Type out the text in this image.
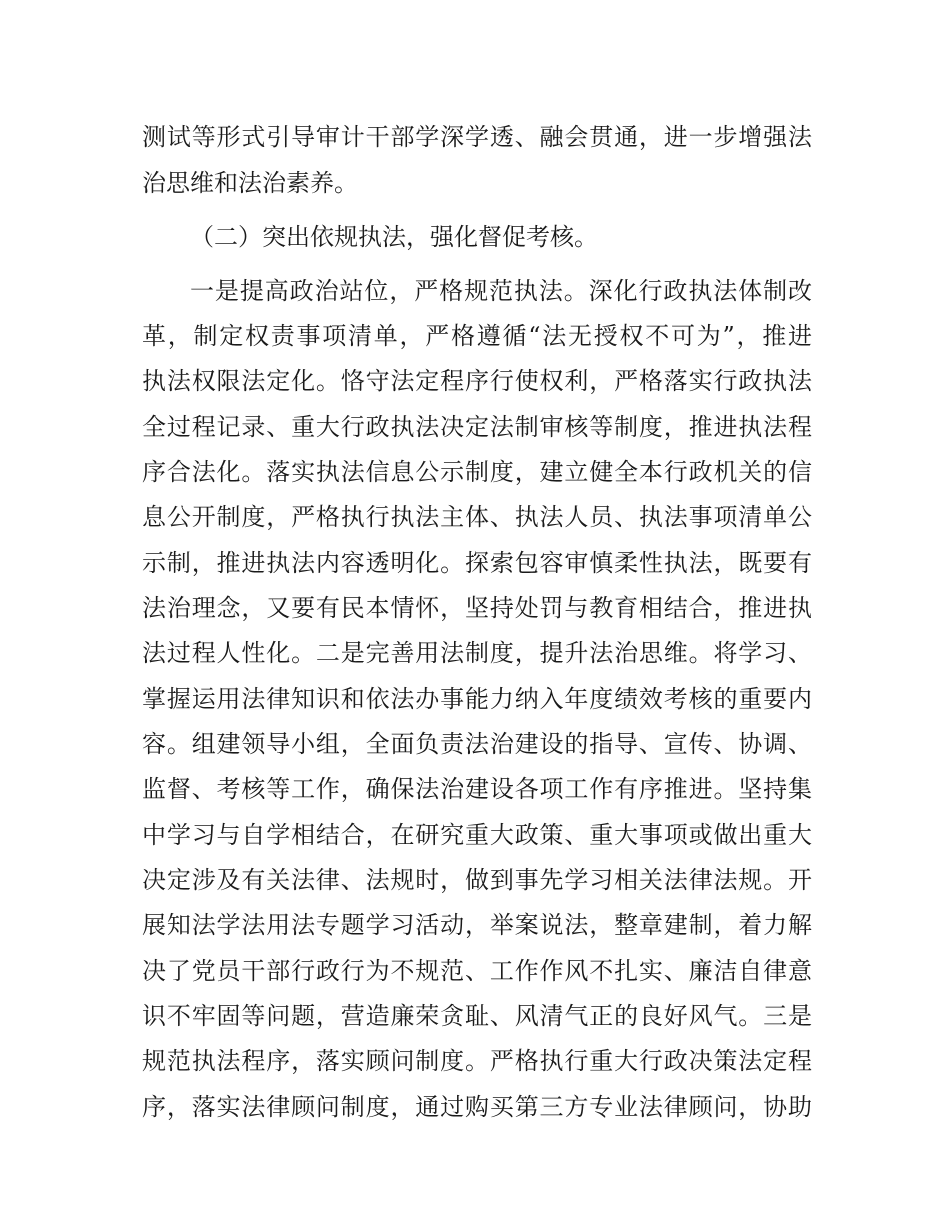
测试等形式引导审计干部学深学透、融会贯通，进一步增强法
治思维和法治素养。
（二）突出依规执法，强化督促考核。
一是提高政治站位，严格规范执法。深化行政执法体制改
革，制定权责事项清单，严格遵循“法无授权不可为”，推进
执法权限法定化。恪守法定程序行使权利，严格落实行政执法
全过程记录、重大行政执法决定法制审核等制度，推进执法程
序合法化。落实执法信息公示制度，建立健全本行政机关的信
息公开制度，严格执行执法主体、执法人员、执法事项清单公
示制，推进执法内容透明化。探索包容审慎柔性执法，既要有
法治理念，又要有民本情怀，坚持处罚与教育相结合，推进执
法过程人性化。二是完善用法制度，提升法治思维。将学习、
掌握运用法律知识和依法办事能力纳入年度绩效考核的重要内
容。组建领导小组，全面负责法治建设的指导、宣传、协调、
监督、考核等工作，确保法治建设各项工作有序推进。坚持集
中学习与自学相结合，在研究重大政策、重大事项或做出重大
决定涉及有关法律、法规时，做到事先学习相关法律法规。开
展知法学法用法专题学习活动，举案说法，整章建制，着力解
决了党员干部行政行为不规范、工作作风不扎实、廉洁自律意
识不牢固等问题，营造廉荣贪耻、风清气正的良好风气。三是
规范执法程序，落实顾问制度。严格执行重大行政决策法定程
序，落实法律顾问制度，通过购买第三方专业法律顾问，协助
